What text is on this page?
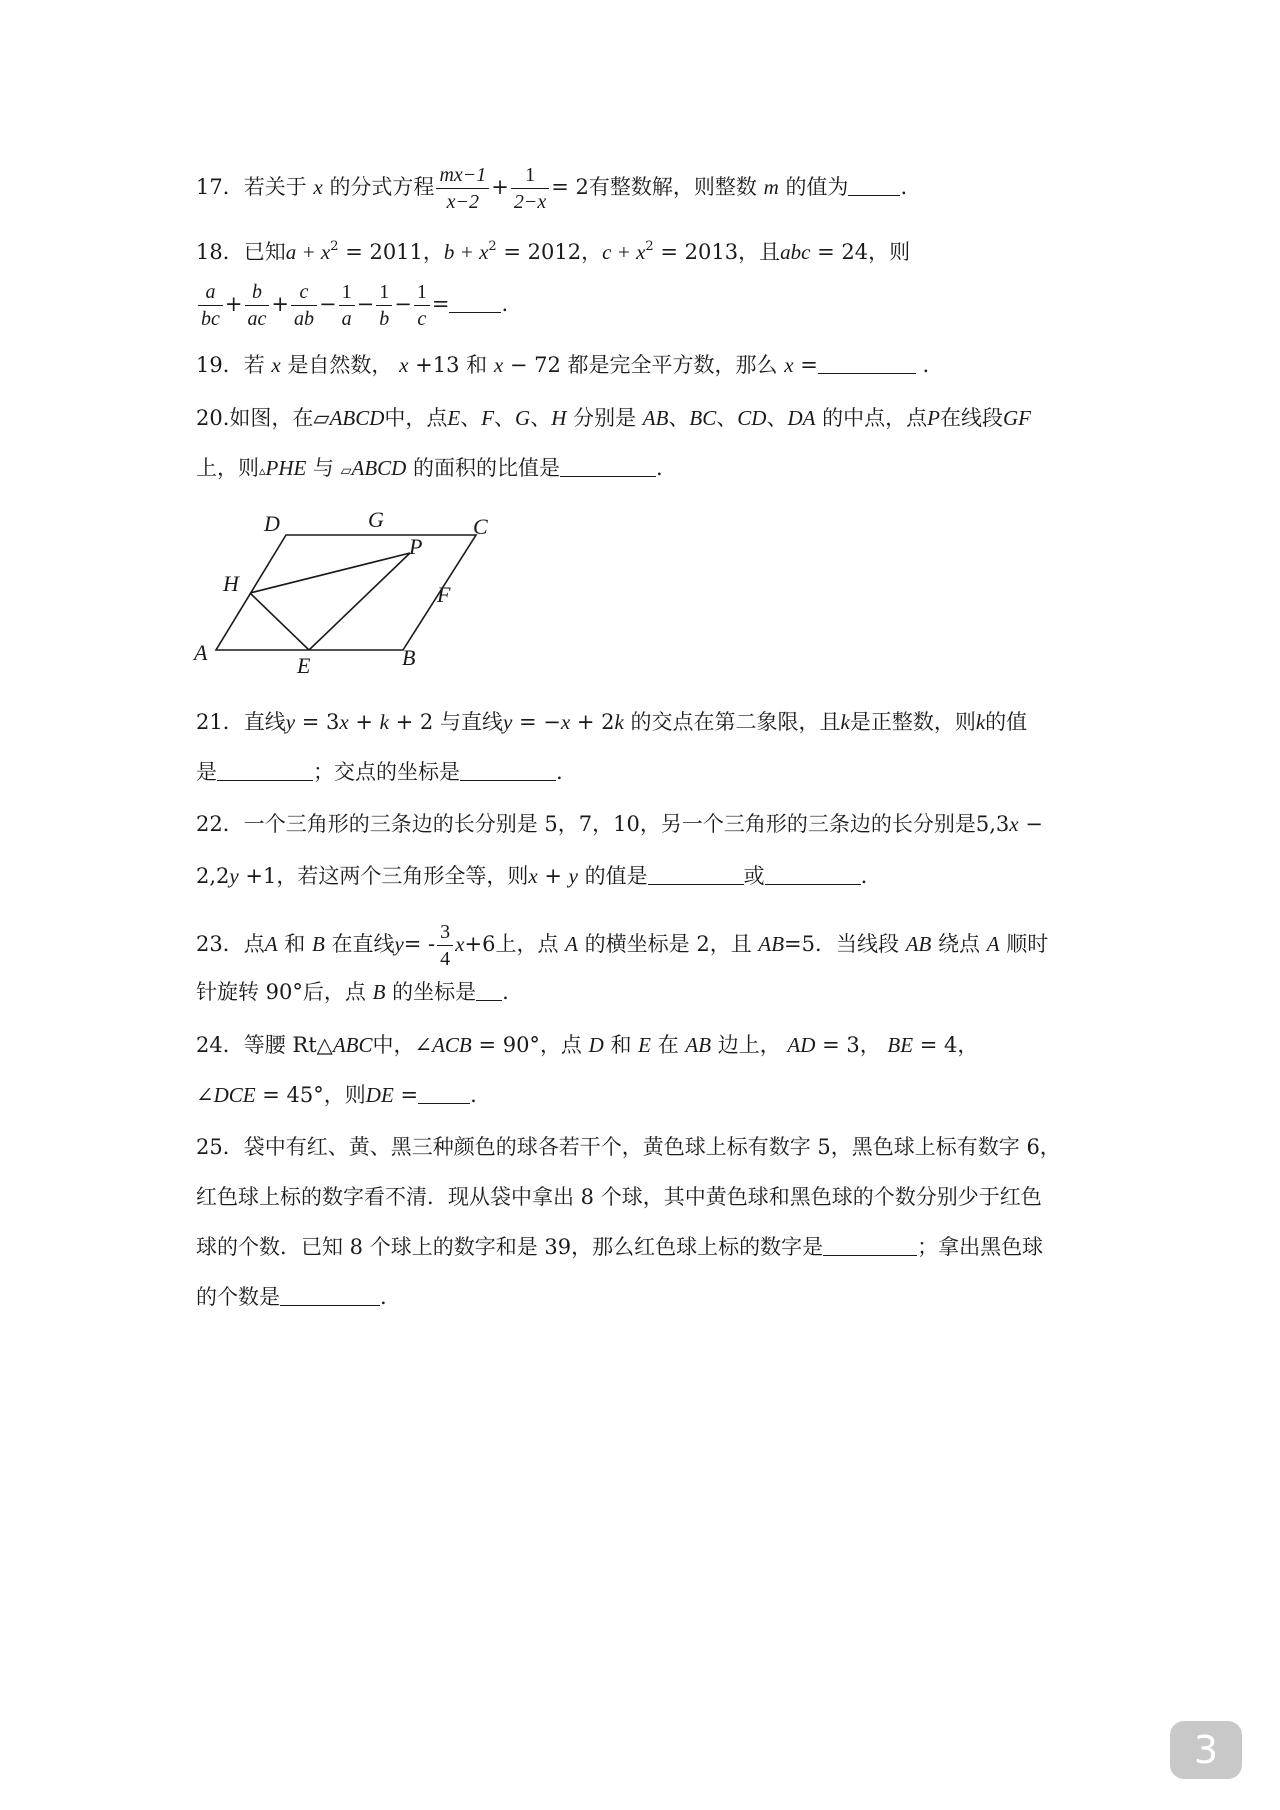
17．若关于 x 的分式方程 $\frac{mx-1}{x-2} + \frac{1}{2-x} = 2$有整数解，则整数 m 的值为 .
18．已知$a + x^2 = 2011$，$b + x^2 = 2012$，$c + x^2 = 2013$，且abc = 24，则
$\frac{a}{bc} + \frac{b}{ac} + \frac{c}{ab} - \frac{1}{a} - \frac{1}{b} - \frac{1}{c}$ = .
19．若 x 是自然数， x +13 和 x − 72 都是完全平方数，那么 x =	.
20.如图，在▱ABCD中，点E、F、G、H 分别是 AB、BC、CD、DA 的中点，点P在线段GF
上，则▵PHE 与 ▱ABCD 的面积的比值是	.
D	G	C
P
H	F
A
E	B
21．直线y = 3x + k + 2 与直线y = −x + 2k 的交点在第二象限，且k是正整数，则k的值
是	；交点的坐标是	.
22．一个三角形的三条边的长分别是 5，7，10，另一个三角形的三条边的长分别是5,3x −
2,2y +1，若这两个三角形全等，则x + y 的值是	或	.
23．点A 和 B 在直线$y= - \frac{3}{4} x+6$上，点 A 的横坐标是 2，且 AB=5．当线段 AB 绕点 A 顺时
针旋转 90°后，点 B 的坐标是 .
24．等腰 Rt△ABC中，∠ACB = 90°，点 D 和 E 在 AB 边上， AD = 3， BE = 4，
∠DCE = 45°，则DE = .
25．袋中有红、黄、黑三种颜色的球各若干个，黄色球上标有数字 5，黑色球上标有数字 6，
红色球上标的数字看不清．现从袋中拿出 8 个球，其中黄色球和黑色球的个数分别少于红色
球的个数．已知 8 个球上的数字和是 39，那么红色球上标的数字是	；拿出黑色球
的个数是	.
3
